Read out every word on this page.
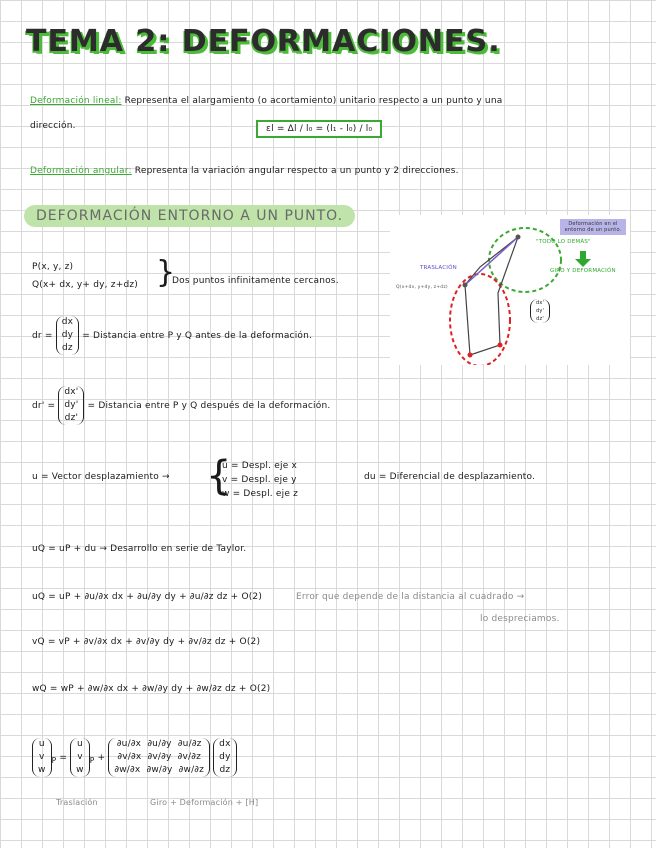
TEMA 2: DEFORMACIONES.
Deformación lineal: Representa el alargamiento (o acortamiento) unitario respecto a un punto y una
dirección.	εl = Δl / l₀ = (l₁ - l₀) / l₀
Deformación angular: Representa la variación angular respecto a un punto y 2 direcciones.
DEFORMACIÓN ENTORNO A UN PUNTO.
P(x, y, z)
Q(x+ dx, y+ dy, z+dz) }
Dos puntos infinitamente cercanos.
dr =
dx
dy
dz
= Distancia entre P y Q antes de la deformación.
dr' =
dx'
dy'
dz'
= Distancia entre P y Q después de la deformación.
u = Vector desplazamiento → {
u = Despl. eje x
v = Despl. eje y
w = Despl. eje z
du = Diferencial de desplazamiento.
uQ = uP + du → Desarrollo en serie de Taylor.
uQ = uP + ∂u/∂x dx + ∂u/∂y dy + ∂u/∂z dz + O(2)	Error que depende de la distancia al cuadrado →
lo despreciamos.
vQ = vP + ∂v/∂x dx + ∂v/∂y dy + ∂v/∂z dz + O(2)
wQ = wP + ∂w/∂x dx + ∂w/∂y dy + ∂w/∂z dz + O(2)
u
v
w
$_P$ =
u
v
w
$_P$ +
∂u/∂x ∂u/∂y ∂u/∂z
∂v/∂x ∂v/∂y ∂v/∂z
∂w/∂x ∂w/∂y ∂w/∂z

dx
dy
dz
Traslación	Giro + Deformación + [H]
Deformación en el entorno de un punto.
"TODO LO DEMÁS"
TRASLACIÓN	GIRO Y DEFORMACIÓN
Q(x+dx, y+dy, z+dz)
dx'
dy'
dz'
